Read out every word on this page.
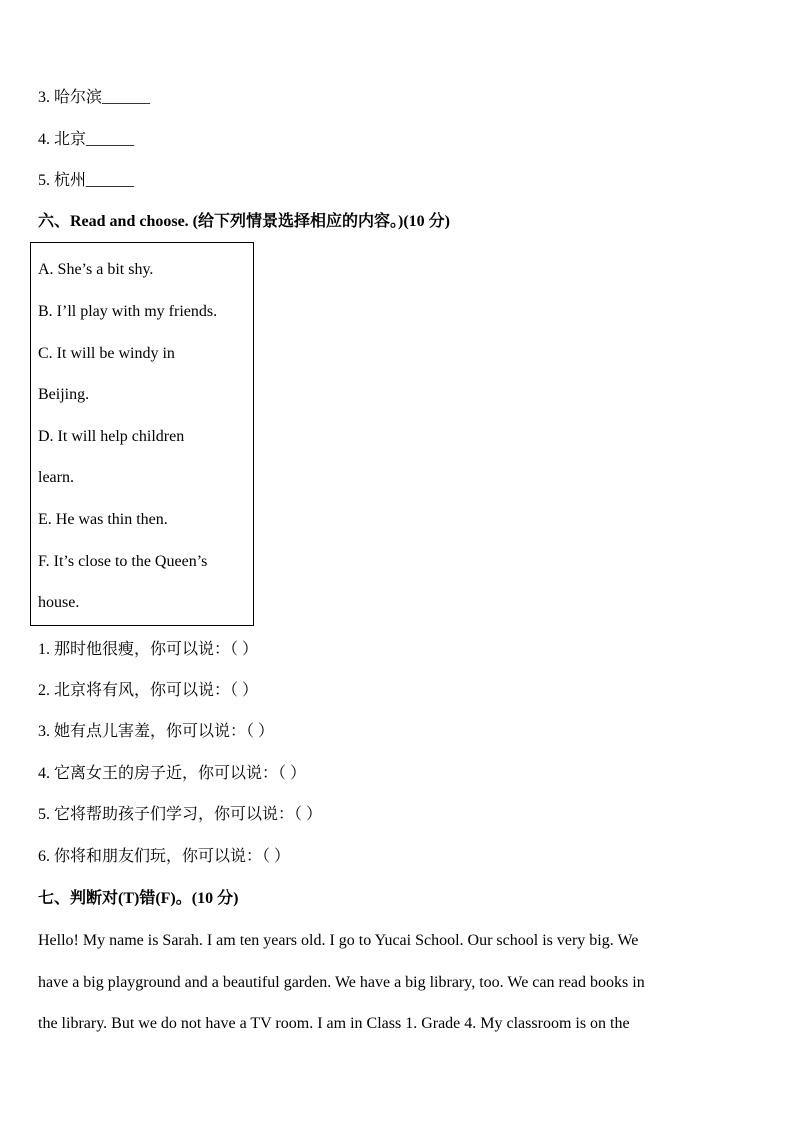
3. 哈尔滨______
4. 北京______
5. 杭州______
六、Read and choose. (给下列情景选择相应的内容。)(10 分)
A. She’s a bit shy.
B. I’ll play with my friends.
C. It will be windy in
Beijing.
D. It will help children
learn.
E. He was thin then.
F. It’s close to the Queen’s
house.
1. 那时他很瘦，你可以说：（ ）
2. 北京将有风，你可以说：（ ）
3. 她有点儿害羞，你可以说：（ ）
4. 它离女王的房子近，你可以说：（ ）
5. 它将帮助孩子们学习，你可以说：（ ）
6. 你将和朋友们玩，你可以说：（ ）
七、判断对(T)错(F)。(10 分)
Hello! My name is Sarah. I am ten years old. I go to Yucai School. Our school is very big. We
have a big playground and a beautiful garden. We have a big library, too. We can read books in
the library. But we do not have a TV room. I am in Class 1. Grade 4. My classroom is on the
